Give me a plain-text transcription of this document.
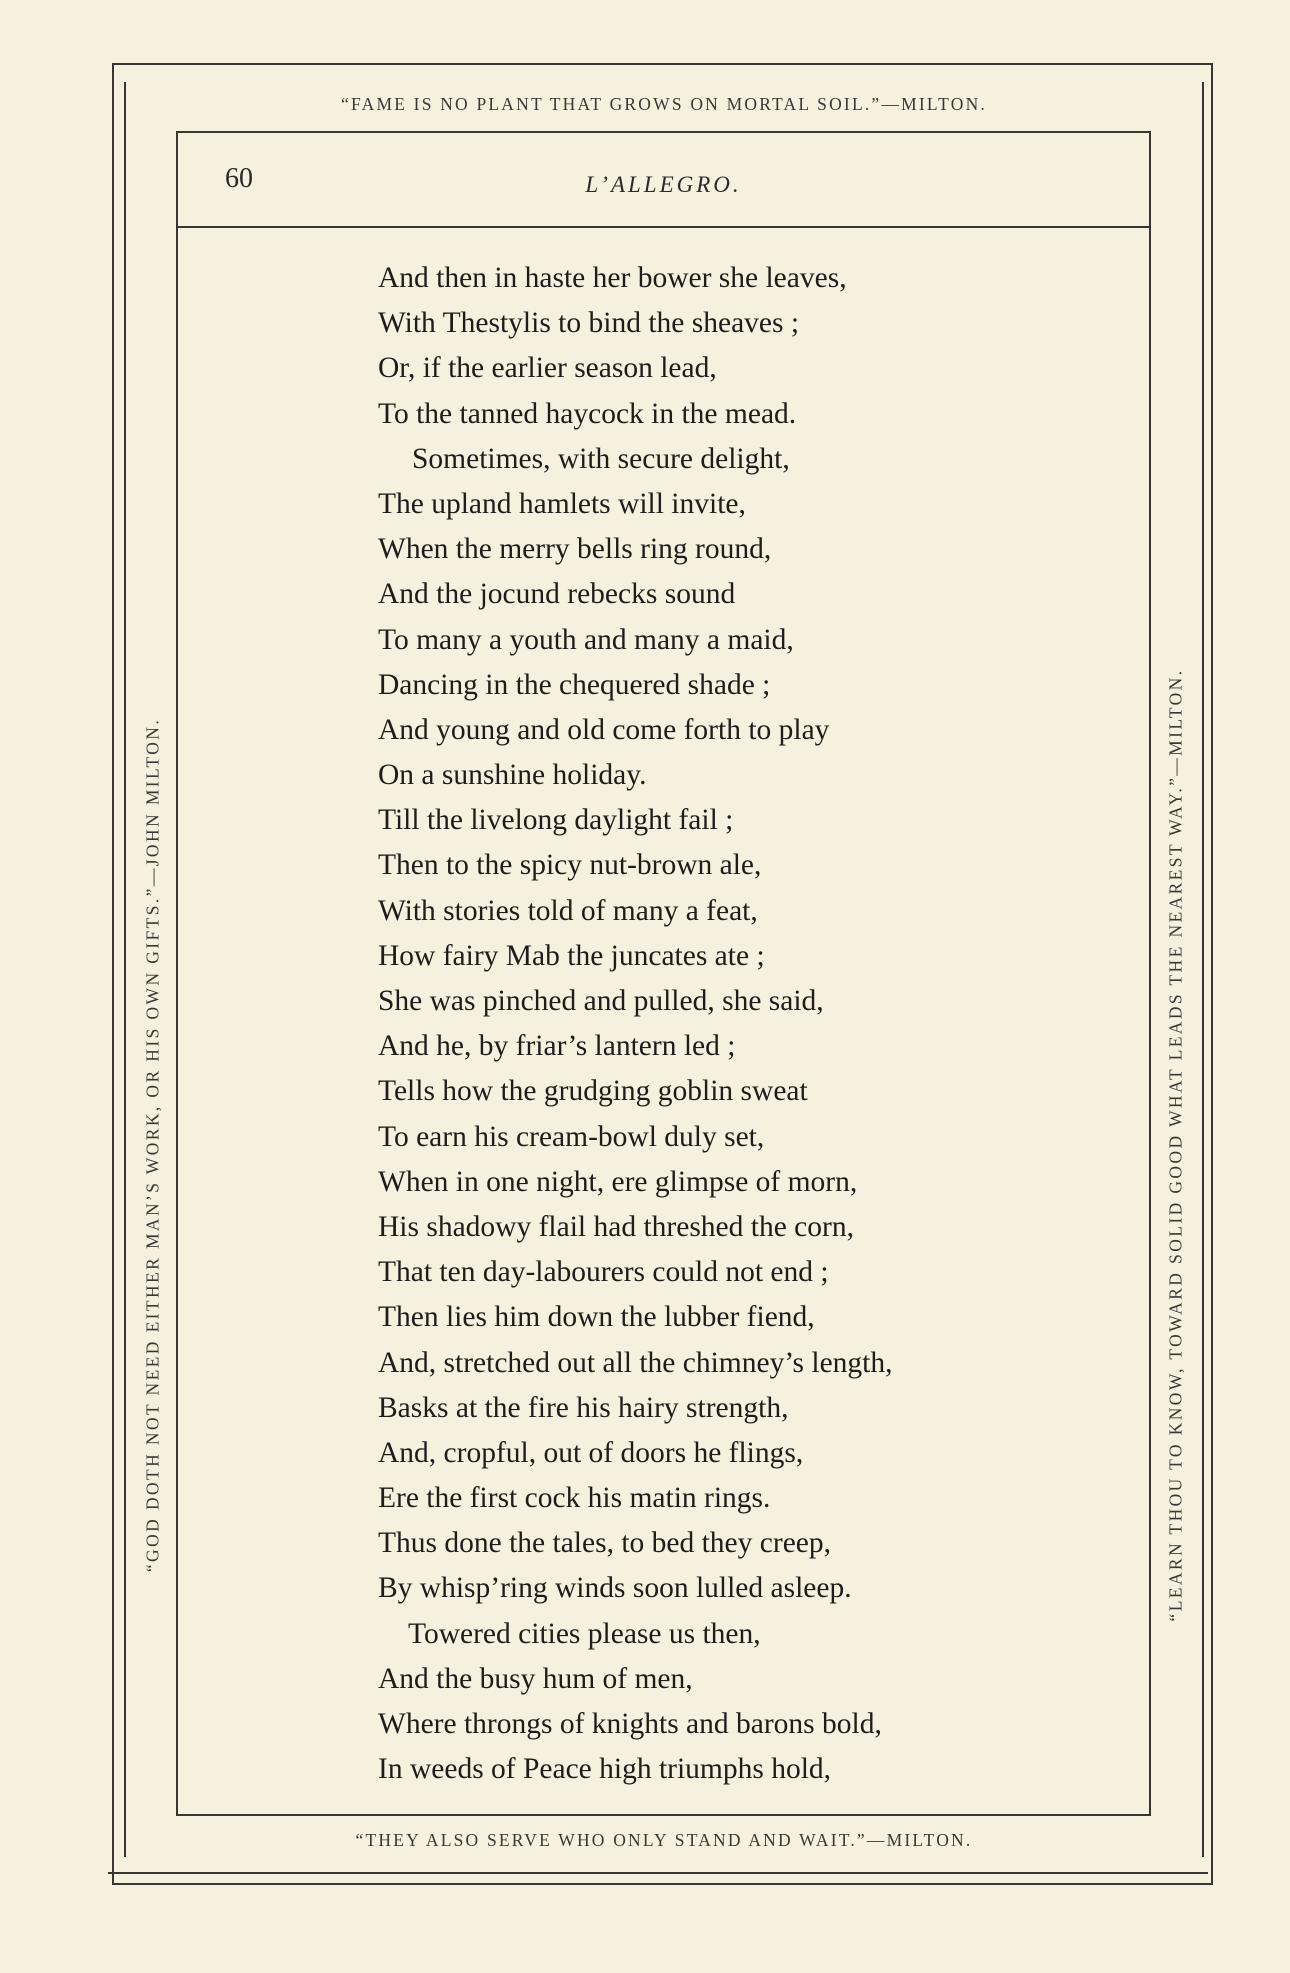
“FAME IS NO PLANT THAT GROWS ON MORTAL SOIL.”—MILTON.
“THEY ALSO SERVE WHO ONLY STAND AND WAIT.”—MILTON.
“GOD DOTH NOT NEED EITHER MAN’S WORK, OR HIS OWN GIFTS.”—JOHN MILTON.	“LEARN THOU TO KNOW, TOWARD SOLID GOOD WHAT LEADS THE NEAREST WAY.”—MILTON.
60	L’ALLEGRO.
And then in haste her bower she leaves,
With Thestylis to bind the sheaves ;
Or, if the earlier season lead,
To the tanned haycock in the mead.
Sometimes, with secure delight,
The upland hamlets will invite,
When the merry bells ring round,
And the jocund rebecks sound
To many a youth and many a maid,
Dancing in the chequered shade ;
And young and old come forth to play
On a sunshine holiday.
Till the livelong daylight fail ;
Then to the spicy nut-brown ale,
With stories told of many a feat,
How fairy Mab the juncates ate ;
She was pinched and pulled, she said,
And he, by friar’s lantern led ;
Tells how the grudging goblin sweat
To earn his cream-bowl duly set,
When in one night, ere glimpse of morn,
His shadowy flail had threshed the corn,
That ten day-labourers could not end ;
Then lies him down the lubber fiend,
And, stretched out all the chimney’s length,
Basks at the fire his hairy strength,
And, cropful, out of doors he flings,
Ere the first cock his matin rings.
Thus done the tales, to bed they creep,
By whisp’ring winds soon lulled asleep.
Towered cities please us then,
And the busy hum of men,
Where throngs of knights and barons bold,
In weeds of Peace high triumphs hold,
